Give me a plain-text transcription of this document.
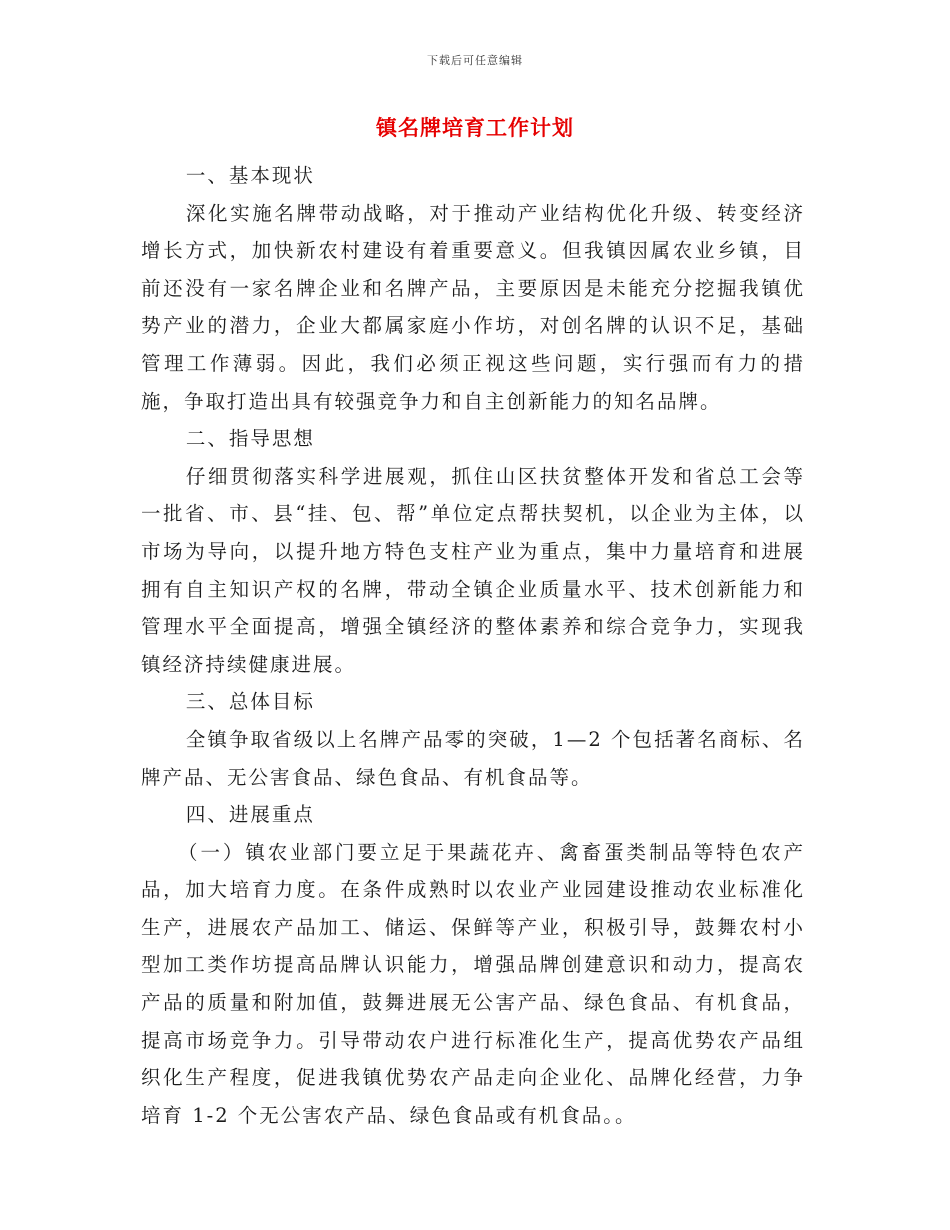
下载后可任意编辑
镇名牌培育工作计划

一、基本现状

深化实施名牌带动战略，对于推动产业结构优化升级、转变经济增长方式，加快新农村建设有着重要意义。但我镇因属农业乡镇，目前还没有一家名牌企业和名牌产品，主要原因是未能充分挖掘我镇优势产业的潜力，企业大都属家庭小作坊，对创名牌的认识不足，基础管理工作薄弱。因此，我们必须正视这些问题，实行强而有力的措施，争取打造出具有较强竞争力和自主创新能力的知名品牌。

二、指导思想

仔细贯彻落实科学进展观，抓住山区扶贫整体开发和省总工会等一批省、市、县“挂、包、帮”单位定点帮扶契机，以企业为主体，以市场为导向，以提升地方特色支柱产业为重点，集中力量培育和进展拥有自主知识产权的名牌，带动全镇企业质量水平、技术创新能力和管理水平全面提高，增强全镇经济的整体素养和综合竞争力，实现我镇经济持续健康进展。

三、总体目标

全镇争取省级以上名牌产品零的突破，1—2 个包括著名商标、名牌产品、无公害食品、绿色食品、有机食品等。

四、进展重点

（一）镇农业部门要立足于果蔬花卉、禽畜蛋类制品等特色农产品，加大培育力度。在条件成熟时以农业产业园建设推动农业标准化生产，进展农产品加工、储运、保鲜等产业，积极引导，鼓舞农村小型加工类作坊提高品牌认识能力，增强品牌创建意识和动力，提高农产品的质量和附加值，鼓舞进展无公害产品、绿色食品、有机食品，提高市场竞争力。引导带动农户进行标准化生产，提高优势农产品组织化生产程度，促进我镇优势农产品走向企业化、品牌化经营，力争培育 1-2 个无公害农产品、绿色食品或有机食品。。
